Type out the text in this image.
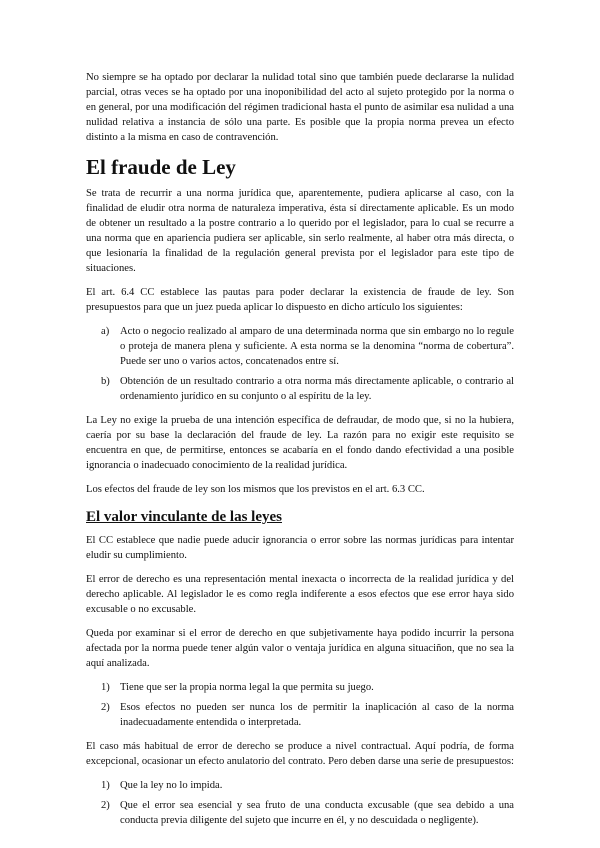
No siempre se ha optado por declarar la nulidad total sino que también puede declararse la nulidad parcial, otras veces se ha optado por una inoponibilidad del acto al sujeto protegido por la norma o en general, por una modificación del régimen tradicional hasta el punto de asimilar esa nulidad a una nulidad relativa a instancia de sólo una parte. Es posible que la propia norma prevea un efecto distinto a la misma en caso de contravención.

El fraude de Ley

Se trata de recurrir a una norma jurídica que, aparentemente, pudiera aplicarse al caso, con la finalidad de eludir otra norma de naturaleza imperativa, ésta sí directamente aplicable. Es un modo de obtener un resultado a la postre contrario a lo querido por el legislador, para lo cual se recurre a una norma que en apariencia pudiera ser aplicable, sin serlo realmente, al haber otra más directa, o que lesionaría la finalidad de la regulación general prevista por el legislador para este tipo de situaciones.

El art. 6.4 CC establece las pautas para poder declarar la existencia de fraude de ley. Son presupuestos para que un juez pueda aplicar lo dispuesto en dicho artículo los siguientes:

a) Acto o negocio realizado al amparo de una determinada norma que sin embargo no lo regule o proteja de manera plena y suficiente. A esta norma se la denomina “norma de cobertura”. Puede ser uno o varios actos, concatenados entre sí.
b) Obtención de un resultado contrario a otra norma más directamente aplicable, o contrario al ordenamiento jurídico en su conjunto o al espíritu de la ley.

La Ley no exige la prueba de una intención específica de defraudar, de modo que, si no la hubiera, caería por su base la declaración del fraude de ley. La razón para no exigir este requisito se encuentra en que, de permitirse, entonces se acabaría en el fondo dando efectividad a una posible ignorancia o inadecuado conocimiento de la realidad jurídica.

Los efectos del fraude de ley son los mismos que los previstos en el art. 6.3 CC.

El valor vinculante de las leyes

El CC establece que nadie puede aducir ignorancia o error sobre las normas jurídicas para intentar eludir su cumplimiento.

El error de derecho es una representación mental inexacta o incorrecta de la realidad jurídica y del derecho aplicable. Al legislador le es como regla indiferente a esos efectos que ese error haya sido excusable o no excusable.

Queda por examinar si el error de derecho en que subjetivamente haya podido incurrir la persona afectada por la norma puede tener algún valor o ventaja jurídica en alguna situaciñon, que no sea la aquí analizada.

1) Tiene que ser la propia norma legal la que permita su juego.
2) Esos efectos no pueden ser nunca los de permitir la inaplicación al caso de la norma inadecuadamente entendida o interpretada.

El caso más habitual de error de derecho se produce a nivel contractual. Aquí podría, de forma excepcional, ocasionar un efecto anulatorio del contrato. Pero deben darse una serie de presupuestos:

1) Que la ley no lo impida.
2) Que el error sea esencial y sea fruto de una conducta excusable (que sea debido a una conducta previa diligente del sujeto que incurre en él, y no descuidada o negligente).
